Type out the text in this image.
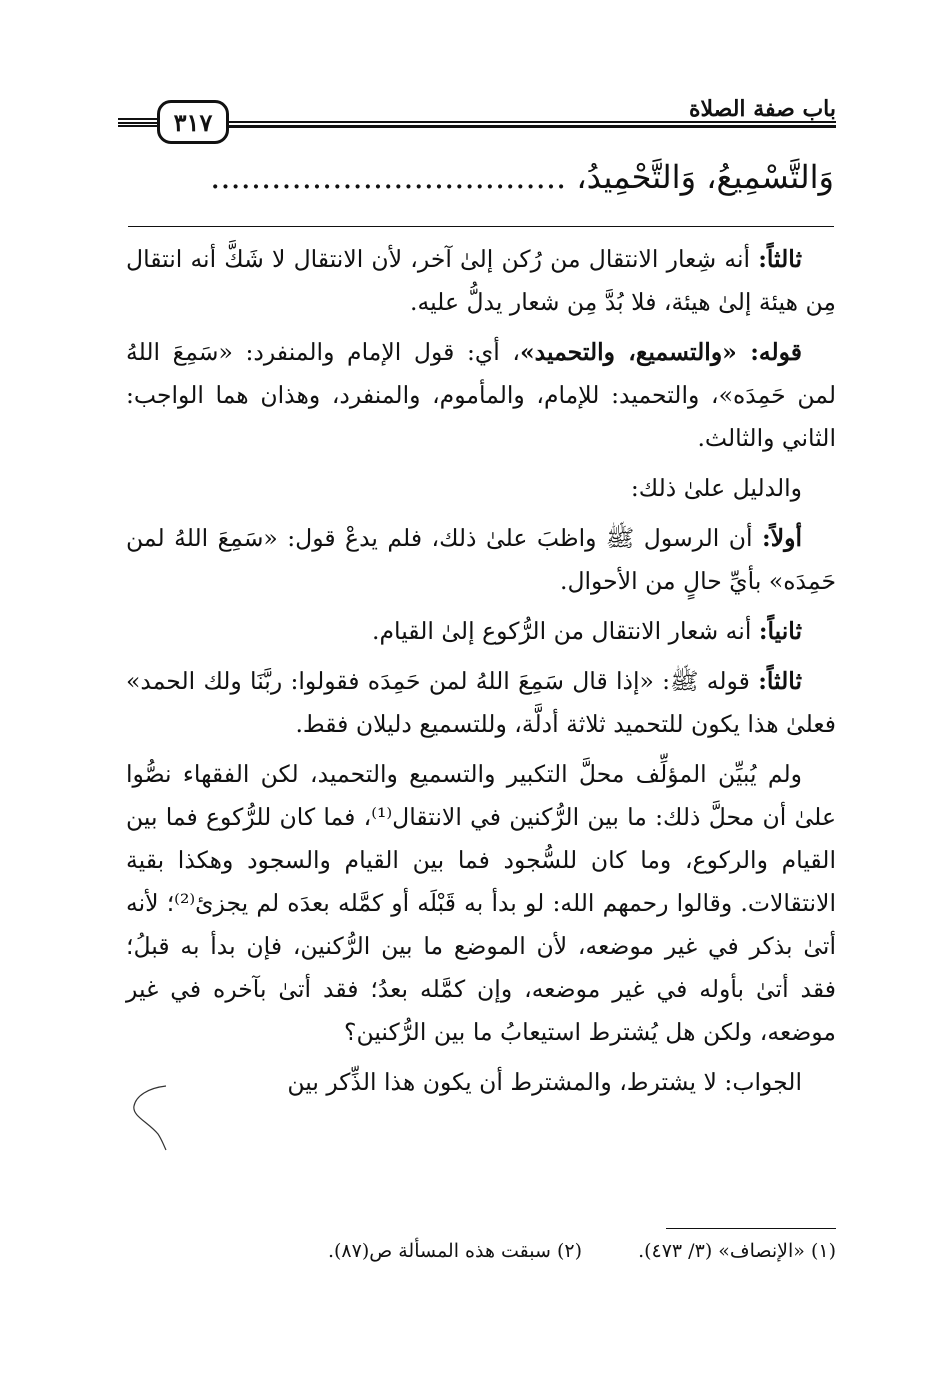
باب صفة الصلاة
٣١٧
وَالتَّسْمِيعُ، وَالتَّحْمِيدُ، ...................................

ثالثاً: أنه شِعار الانتقال من رُكن إلىٰ آخر، لأن الانتقال لا شَكَّ أنه انتقال مِن هيئة إلىٰ هيئة، فلا بُدَّ مِن شعار يدلُّ عليه.

قوله: «والتسميع، والتحميد»، أي: قول الإمام والمنفرد: «سَمِعَ اللهُ لمن حَمِدَه»، والتحميد: للإمام، والمأموم، والمنفرد، وهذان هما الواجب: الثاني والثالث.

والدليل علىٰ ذلك:

أولاً: أن الرسول ﷺ واظبَ علىٰ ذلك، فلم يدعْ قول: «سَمِعَ اللهُ لمن حَمِدَه» بأيِّ حالٍ من الأحوال.

ثانياً: أنه شعار الانتقال من الرُّكوع إلىٰ القيام.

ثالثاً: قوله ﷺ: «إذا قال سَمِعَ اللهُ لمن حَمِدَه فقولوا: ربَّنَا ولك الحمد» فعلىٰ هذا يكون للتحميد ثلاثة أدلَّة، وللتسميع دليلان فقط.

ولم يُبيِّن المؤلِّف محلَّ التكبير والتسميع والتحميد، لكن الفقهاء نصُّوا علىٰ أن محلَّ ذلك: ما بين الرُّكنين في الانتقال⁽¹⁾، فما كان للرُّكوع فما بين القيام والركوع، وما كان للسُّجود فما بين القيام والسجود وهكذا بقية الانتقالات. وقالوا رحمهم الله: لو بدأ به قَبْلَه أو كمَّله بعدَه لم يجزئ⁽²⁾؛ لأنه أتىٰ بذكر في غير موضعه، لأن الموضع ما بين الرُّكنين، فإن بدأ به قبلُ؛ فقد أتىٰ بأوله في غير موضعه، وإن كمَّله بعدُ؛ فقد أتىٰ بآخره في غير موضعه، ولكن هل يُشترط استيعابُ ما بين الرُّكنين؟

الجواب: لا يشترط، والمشترط أن يكون هذا الذِّكر بين

(١) «الإنصاف» (٣/ ٤٧٣).
(٢) سبقت هذه المسألة ص(٨٧).
